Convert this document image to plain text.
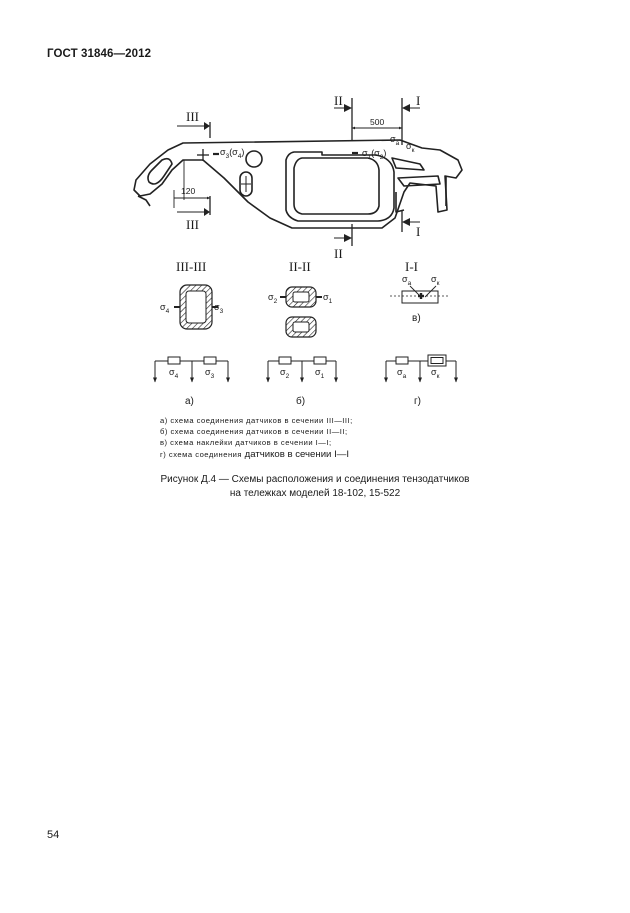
ГОСТ 31846—2012
III
III
II
II
I
I
500
120
$\sigma_3(\sigma_4)$	$\sigma_1(\sigma_2)$
$\sigma_а$ $\sigma_к$
III-III
$\sigma_4$	$\sigma_3$
II-II
$\sigma_2$	$\sigma_1$
I-I
$\sigma_а$ $\sigma_к$
в)
$\sigma_4$	$\sigma_3$
а)
$\sigma_2$	$\sigma_1$
б)
$\sigma_а$	$\sigma_к$
г)
а) схема соединения датчиков в сечении III—III;
б) схема соединения датчиков в сечении II—II;
в) схема наклейки датчиков в сечении I—I;
г) схема соединения датчиков в сечении I—I
Рисунок Д.4 — Схемы расположения и соединения тензодатчиков
на тележках моделей 18-102, 15-522
54
